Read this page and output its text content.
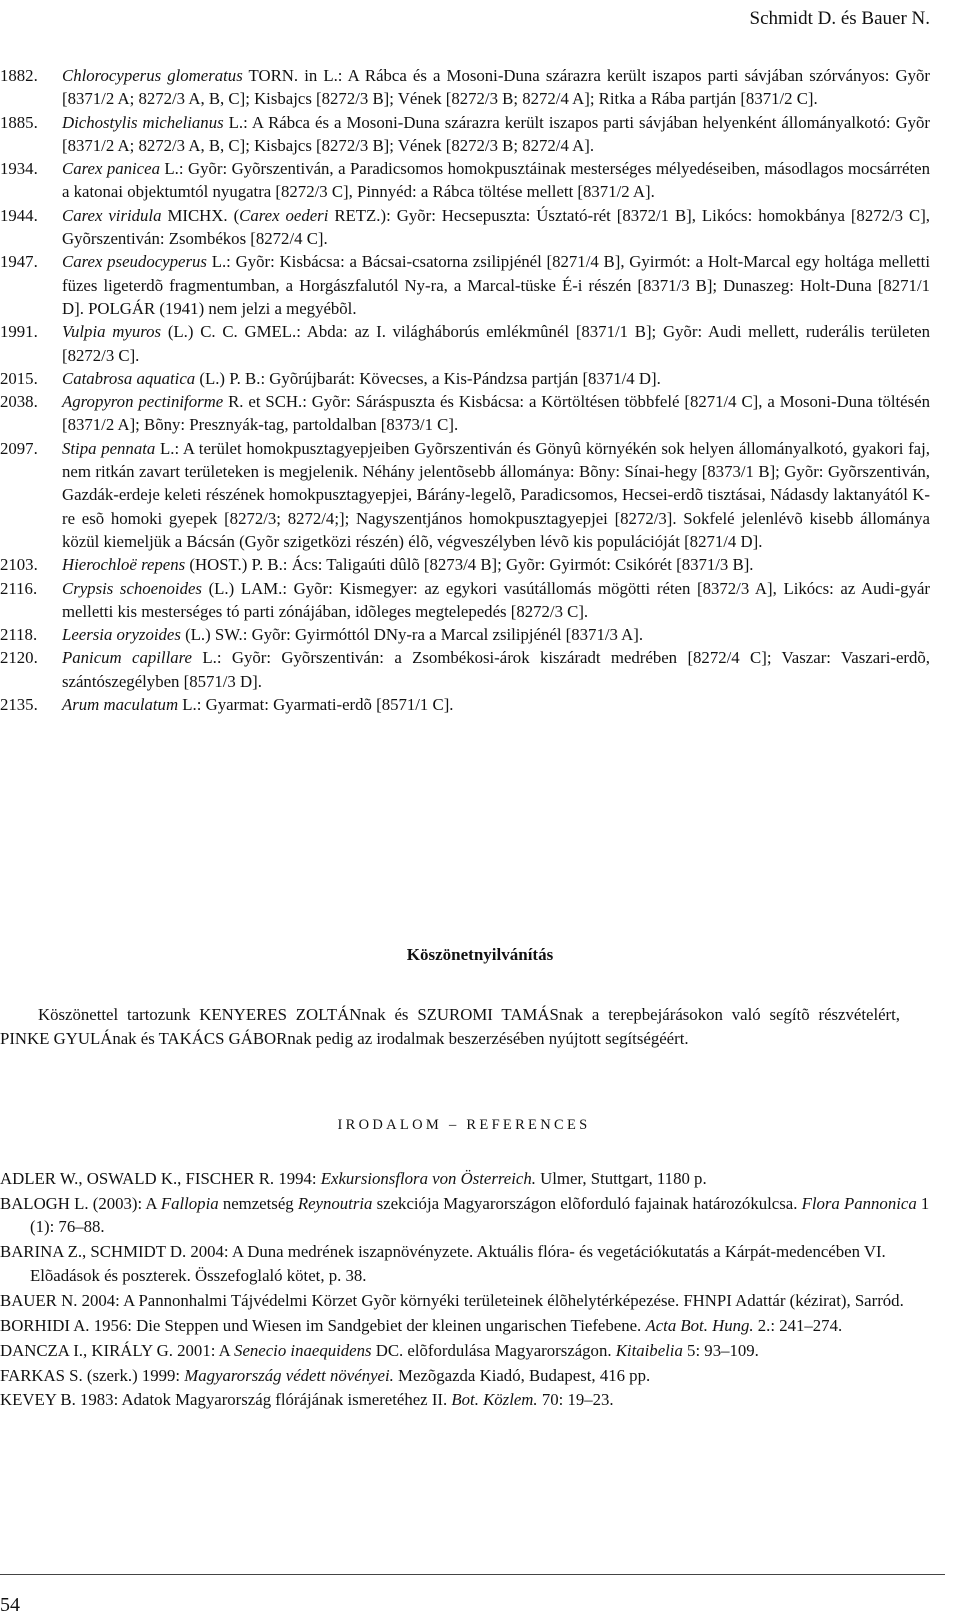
Schmidt D. és Bauer N.
1882. Chlorocyperus glomeratus TORN. in L.: A Rábca és a Mosoni-Duna szárazra került iszapos parti sávjában szórványos: Gyõr [8371/2 A; 8272/3 A, B, C]; Kisbajcs [8272/3 B]; Vének [8272/3 B; 8272/4 A]; Ritka a Rába partján [8371/2 C].
1885. Dichostylis michelianus L.: A Rábca és a Mosoni-Duna szárazra került iszapos parti sávjában helyenként állományalkotó: Gyõr [8371/2 A; 8272/3 A, B, C]; Kisbajcs [8272/3 B]; Vének [8272/3 B; 8272/4 A].
1934. Carex panicea L.: Gyõr: Gyõrszentiván, a Paradicsomos homokpusztáinak mesterséges mélyedéseiben, másodlagos mocsárréten a katonai objektumtól nyugatra [8272/3 C], Pinnyéd: a Rábca töltése mellett [8371/2 A].
1944. Carex viridula MICHX. (Carex oederi RETZ.): Gyõr: Hecsepuszta: Úsztató-rét [8372/1 B], Likócs: homokbánya [8272/3 C], Gyõrszentiván: Zsombékos [8272/4 C].
1947. Carex pseudocyperus L.: Gyõr: Kisbácsa: a Bácsai-csatorna zsilipjénél [8271/4 B], Gyirmót: a Holt-Marcal egy holtága melletti füzes ligeterdõ fragmentumban, a Horgászfalutól Ny-ra, a Marcal-tüske É-i részén [8371/3 B]; Dunaszeg: Holt-Duna [8271/1 D]. POLGÁR (1941) nem jelzi a megyébõl.
1991. Vulpia myuros (L.) C. C. GMEL.: Abda: az I. világháborús emlékmûnél [8371/1 B]; Gyõr: Audi mellett, ruderális területen [8272/3 C].
2015. Catabrosa aquatica (L.) P. B.: Gyõrújbarát: Kövecses, a Kis-Pándzsa partján [8371/4 D].
2038. Agropyron pectiniforme R. et SCH.: Gyõr: Sáráspuszta és Kisbácsa: a Körtöltésen többfelé [8271/4 C], a Mosoni-Duna töltésén [8371/2 A]; Bõny: Presznyák-tag, partoldalban [8373/1 C].
2097. Stipa pennata L.: A terület homokpusztagyepjeiben Gyõrszentiván és Gönyû környékén sok helyen állományalkotó, gyakori faj, nem ritkán zavart területeken is megjelenik. Néhány jelentõsebb állománya: Bõny: Sínai-hegy [8373/1 B]; Gyõr: Gyõrszentiván, Gazdák-erdeje keleti részének homokpusztagyepjei, Bárány-legelõ, Paradicsomos, Hecsei-erdõ tisztásai, Nádasdy laktanyától K-re esõ homoki gyepek [8272/3; 8272/4;]; Nagyszentjános homokpusztagyepjei [8272/3]. Sokfelé jelenlévõ kisebb állománya közül kiemeljük a Bácsán (Gyõr szigetközi részén) élõ, végveszélyben lévõ kis populációját [8271/4 D].
2103. Hierochloë repens (HOST.) P. B.: Ács: Taligaúti dûlõ [8273/4 B]; Gyõr: Gyirmót: Csikórét [8371/3 B].
2116. Crypsis schoenoides (L.) LAM.: Gyõr: Kismegyer: az egykori vasútállomás mögötti réten [8372/3 A], Likócs: az Audi-gyár melletti kis mesterséges tó parti zónájában, idõleges megtelepedés [8272/3 C].
2118. Leersia oryzoides (L.) SW.: Gyõr: Gyirmóttól DNy-ra a Marcal zsilipjénél [8371/3 A].
2120. Panicum capillare L.: Gyõr: Gyõrszentiván: a Zsombékosi-árok kiszáradt medrében [8272/4 C]; Vaszar: Vaszari-erdõ, szántószegélyben [8571/3 D].
2135. Arum maculatum L.: Gyarmat: Gyarmati-erdõ [8571/1 C].
Köszönetnyilvánítás
Köszönettel tartozunk KENYERES ZOLTÁNnak és SZUROMI TAMÁSnak a terepbejárásokon való segítõ részvételért, PINKE GYULÁnak és TAKÁCS GÁBORnak pedig az irodalmak beszerzésében nyújtott segítségéért.
IRODALOM – REFERENCES
ADLER W., OSWALD K., FISCHER R. 1994: Exkursionsflora von Österreich. Ulmer, Stuttgart, 1180 p.
BALOGH L. (2003): A Fallopia nemzetség Reynoutria szekciója Magyarországon elõforduló fajainak határozókulcsa. Flora Pannonica 1 (1): 76–88.
BARINA Z., SCHMIDT D. 2004: A Duna medrének iszapnövényzete. Aktuális flóra- és vegetációkutatás a Kárpát-medencében VI. Elõadások és poszterek. Összefoglaló kötet, p. 38.
BAUER N. 2004: A Pannonhalmi Tájvédelmi Körzet Gyõr környéki területeinek élõhelytérképezése. FHNPI Adattár (kézirat), Sarród.
BORHIDI A. 1956: Die Steppen und Wiesen im Sandgebiet der kleinen ungarischen Tiefebene. Acta Bot. Hung. 2.: 241–274.
DANCZA I., KIRÁLY G. 2001: A Senecio inaequidens DC. elõfordulása Magyarországon. Kitaibelia 5: 93–109.
FARKAS S. (szerk.) 1999: Magyarország védett növényei. Mezõgazda Kiadó, Budapest, 416 pp.
KEVEY B. 1983: Adatok Magyarország flórájának ismeretéhez II. Bot. Közlem. 70: 19–23.
54
